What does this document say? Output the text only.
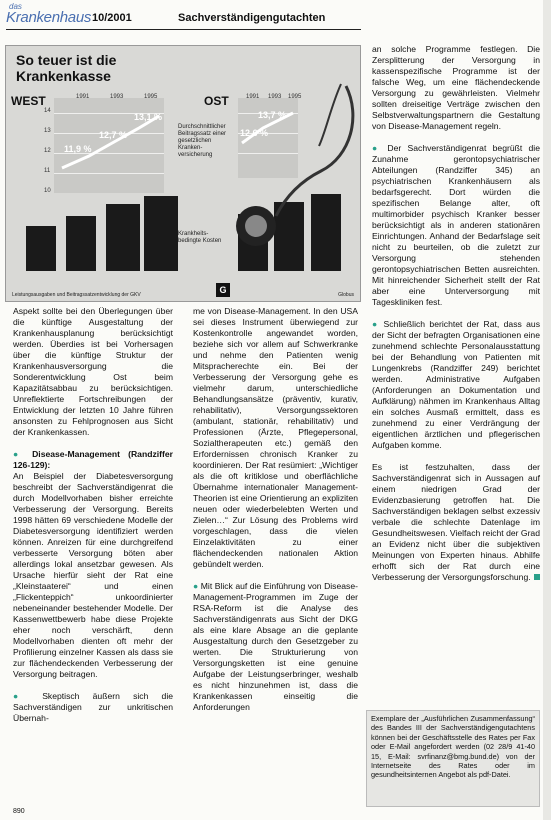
das
Krankenhaus 10/2001	Sachverständigengutachten
So teuer ist die Krankenkasse
WEST
11,9 %
12,7 %
13,1 %
1991	1993	1995
14
13
12
11
10
Durchschnittlicher Beitragssatz einer gesetzlichen Kranken-versicherung
Krankheits-bedingte Kosten
OST
12,6 %
13,7 %
1991 1993 1995
G
Leistungsausgaben und Beitragssatzentwicklung der GKV	Globus

Aspekt sollte bei den Überlegungen über die künftige Ausgestaltung der Krankenhausplanung berücksichtigt werden. Überdies ist bei Vorhersagen über die künftige Struktur der Krankenhausversorgung die Sonderentwicklung Ost beim Kapazitätsabbau zu berücksichtigen. Unreflektierte Fortschreibungen der Entwicklung der letzten 10 Jahre führen ansonsten zu Fehlprognosen aus Sicht der Krankenkassen.

● Disease-Management (Randziffer 126-129):

An Beispiel der Diabetesversorgung beschreibt der Sachverständigenrat die durch Modellvorhaben bisher erreichte Verbesserung der Versorgung. Bereits 1998 hätten 69 verschiedene Modelle der Diabetesversorgung identifiziert werden können. Anreizen für eine durchgreifend verbesserte Versorgung böten aber allerdings lokal ansetzbar gewesen. Als Ursache hierfür sieht der Rat eine „Kleinstaaterei“ und einen „Flickenteppich“ unkoordinierter nebeneinander bestehender Modelle. Der Kassenwettbewerb habe diese Projekte eher noch verschärft, denn Modellvorhaben dienten oft mehr der Profilierung einzelner Kassen als dass sie zur flächendeckenden Verbesserung der Versorgung beitragen.

● Skeptisch äußern sich die Sachverständigen zur unkritischen Übernah-

me von Disease-Management. In den USA sei dieses Instrument überwiegend zur Kostenkontrolle angewandet worden, beziehe sich vor allem auf Schwerkranke und nehme den Patienten wenig Mitspracherechte ein. Bei der Verbesserung der Versorgung gehe es vielmehr darum, unterschiedliche Behandlungsansätze (präventiv, kurativ, rehabilitativ), Versorgungssektoren (ambulant, stationär, rehabilitativ) und Professionen (Ärzte, Pflegepersonal, Sozialtherapeuten etc.) gemäß den Erfordernissen chronisch Kranker zu koordinieren. Der Rat resümiert: „Wichtiger als die oft kritiklose und oberflächliche Übernahme internationaler Management-Theorien ist eine Orientierung an expliziten neuen oder wiederbelebten Werten und Zielen…“ Zur Lösung des Problems wird vorgeschlagen, dass die vielen Einzelaktivitäten zu einer flächendeckenden nationalen Aktion gebündelt werden.

● Mit Blick auf die Einführung von Disease-Management-Programmen im Zuge der RSA-Reform ist die Analyse des Sachverständigenrats aus Sicht der DKG als eine klare Absage an die geplante Ausgestaltung durch den Gesetzgeber zu werten. Die Strukturierung von Versorgungsketten ist eine genuine Aufgabe der Leistungserbringer, weshalb es nicht hinzunehmen ist, dass die Krankenkassen einseitig die Anforderungen

an solche Programme festlegen. Die Zersplitterung der Versorgung in kassenspezifische Programme ist der falsche Weg, um eine flächendeckende Versorgung zu gewährleisten. Vielmehr sollten dreiseitige Verträge zwischen den Selbstverwaltungspartnern die Gestaltung von Disease-Management regeln.

● Der Sachverständigenrat begrüßt die Zunahme gerontopsychiatrischer Abteilungen (Randziffer 345) an psychiatrischen Krankenhäusern als bedarfsgerecht. Dort würden die spezifischen Belange alter, oft multimorbider psychisch Kranker besser berücksichtigt als in anderen stationären Einrichtungen. Anhand der Bedarfslage seit nicht zu beurteilen, ob die zuletzt zur Versorgung stehenden gerontopsychiatrischen Betten ausreichten. Mit hinreichender Sicherheit stellt der Rat aber eine Unterversorgung mit Tageskliniken fest.

● Schließlich berichtet der Rat, dass aus der Sicht der befragten Organisationen eine zunehmend schlechte Personalausstattung bei der Behandlung von Patienten mit Lungenkrebs (Randziffer 249) berichtet werden. Administrative Aufgaben (Anforderungen an Dokumentation und Aufklärung) nähmen im Krankenhaus Alltag ein solches Ausmaß ermittelt, dass es zunehmend zu einer Verdrängung der eigentlichen ärztlichen und pflegerischen Aufgaben komme.

Es ist festzuhalten, dass der Sachverständigenrat sich in Aussagen auf einem niedrigen Grad der Evidenzbasierung getroffen hat. Die Sachverständigen beklagen selbst exzessiv verbale die schlechte Datenlage im Gesundheitswesen. Vielfach reicht der Grad an Evidenz nicht über die subjektiven Meinungen von Experten hinaus. Abhilfe erhofft sich der Rat durch eine Verbesserung der Versorgungsforschung.

Exemplare der „Ausführlichen Zusammenfassung“ des Bandes III der Sachverständigengutachtens können bei der Geschäftsstelle des Rates per Fax oder E-Mail angefordert werden (02 28/9 41-40 15, E-Mail: svrfinanz@bmg.bund.de) von der Internetseite des Rates oder im gesundheitsinternen Angebot als pdf-Datei.
890
